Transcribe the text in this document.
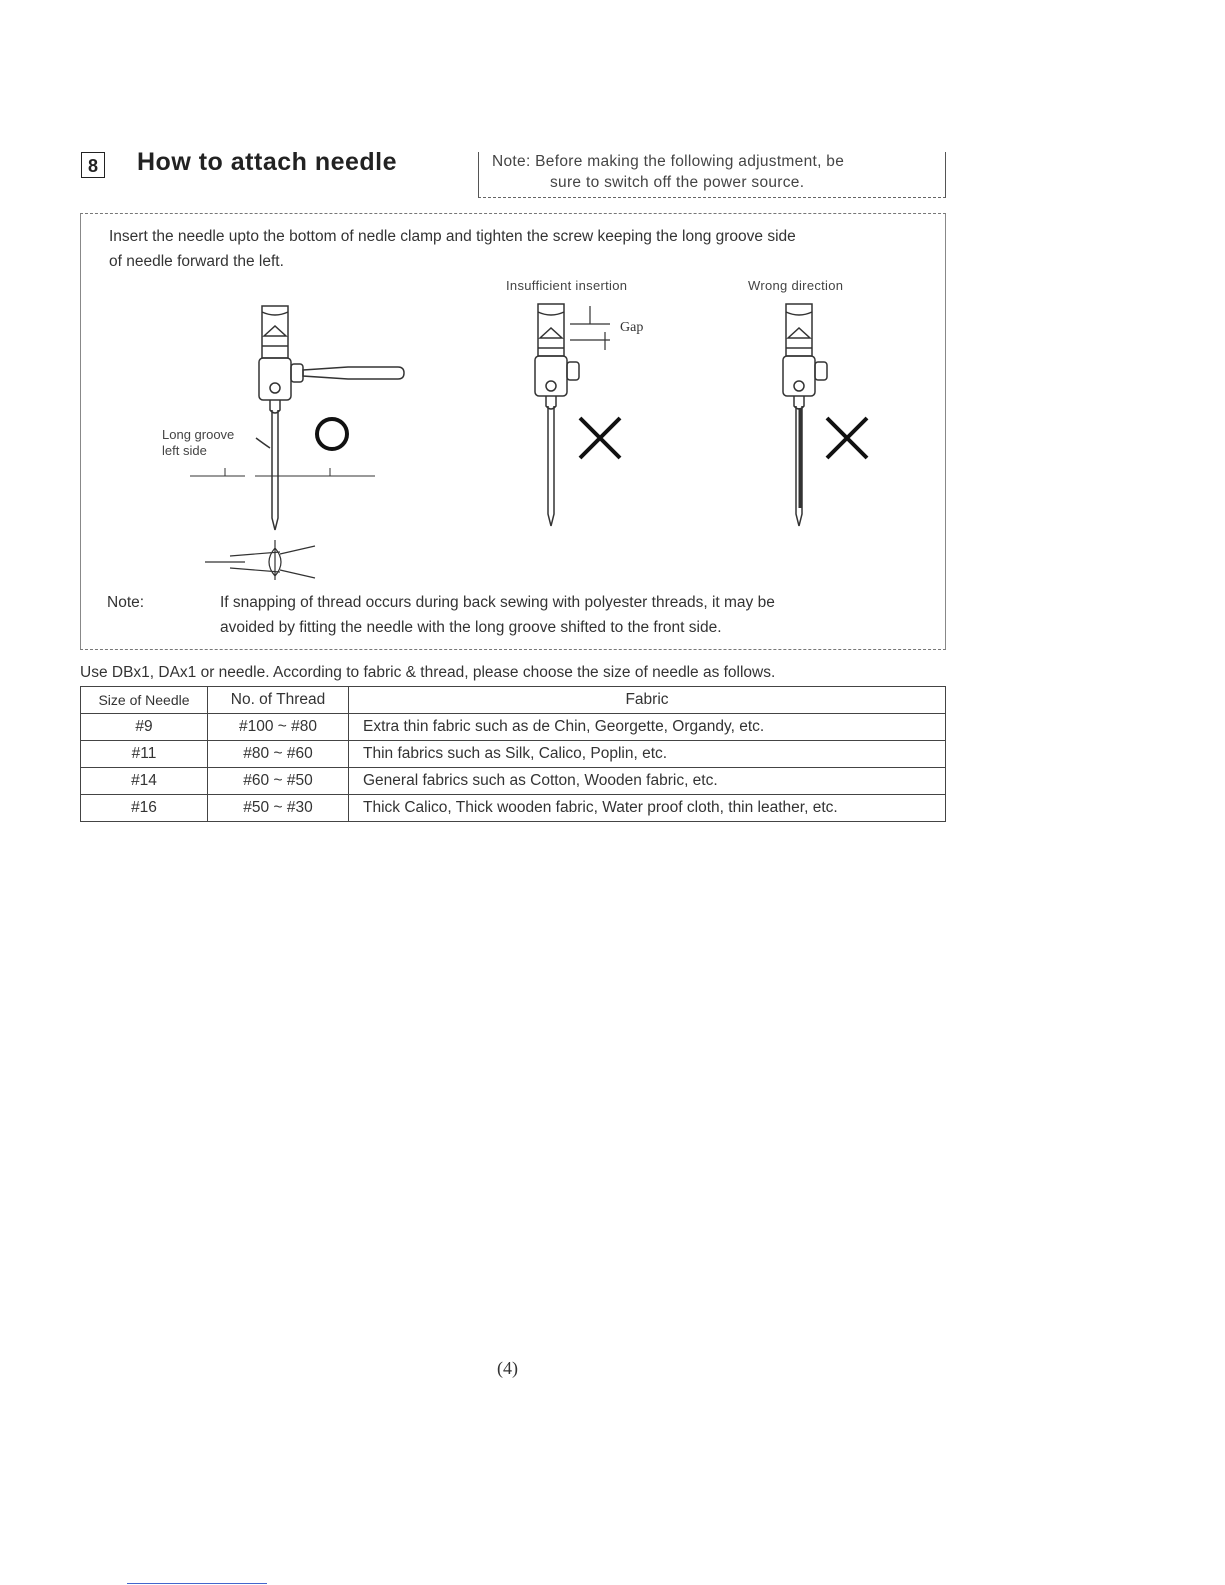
8 How to attach needle	Note: Before making the following adjustment, be
sure to switch off the power source.
Insert the needle upto the bottom of nedle clamp and tighten the screw keeping the long groove side
of needle forward the left.
Insufficient insertion	Wrong direction
Long groove
left side
Gap
Note:	If snapping of thread occurs during back sewing with polyester threads, it may be
avoided by fitting the needle with the long groove shifted to the front side.
Use DBx1, DAx1 or needle. According to fabric & thread, please choose the size of needle as follows.
Size of Needle	No. of Thread	Fabric
#9	#100 ~ #80	Extra thin fabric such as de Chin, Georgette, Organdy, etc.
#11	#80 ~ #60	Thin fabrics such as Silk, Calico, Poplin, etc.
#14	#60 ~ #50	General fabrics such as Cotton, Wooden fabric, etc.
#16	#50 ~ #30	Thick Calico, Thick wooden fabric, Water proof cloth, thin leather, etc.
(4)
